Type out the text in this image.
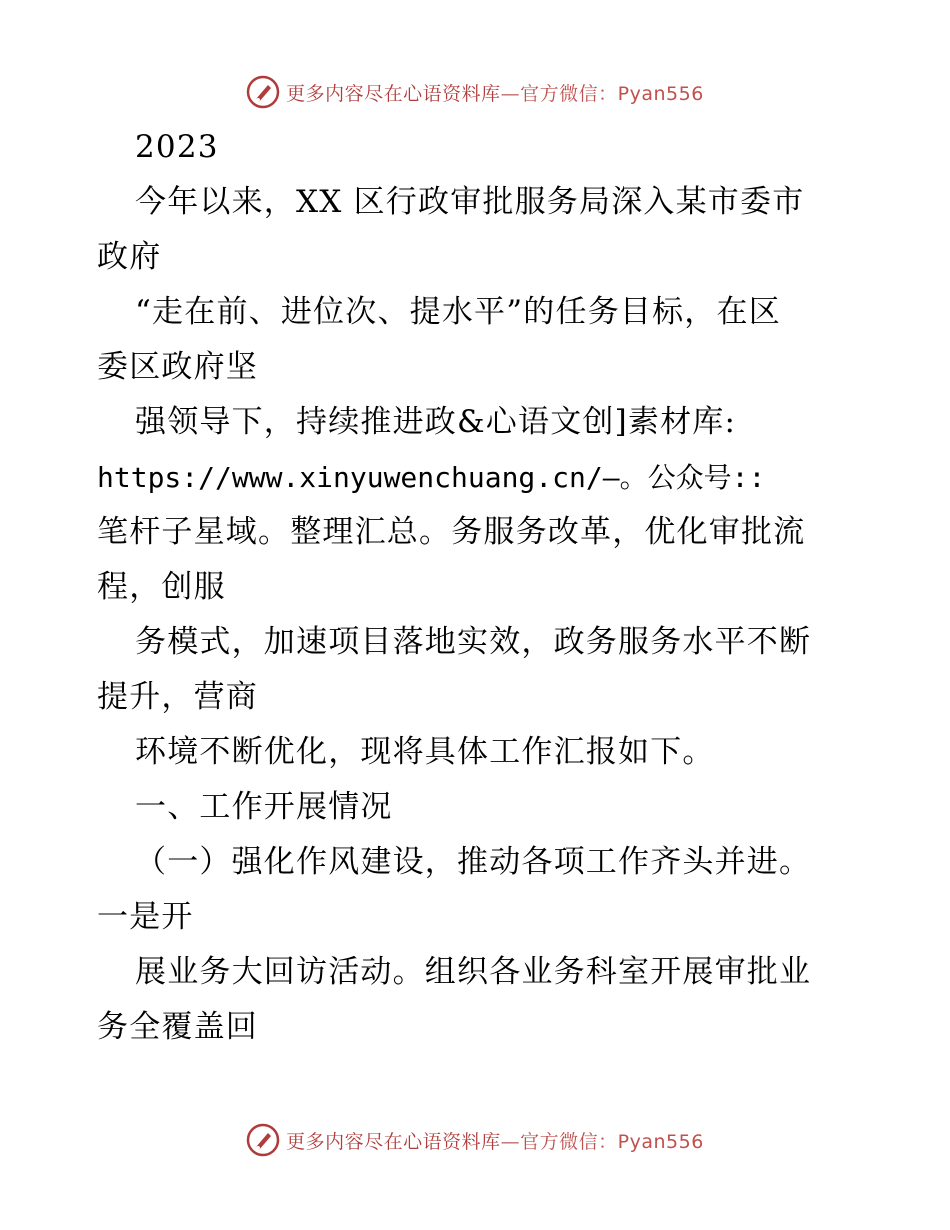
更多内容尽在心语资料库—官方微信：Pyan556
2023
今年以来，XX 区行政审批服务局深入某市委市
政府
“走在前、进位次、提水平”的任务目标，在区
委区政府坚
强领导下，持续推进政&心语文创]素材库:
https://www.xinyuwenchuang.cn/—。公众号::
笔杆子星域。整理汇总。务服务改革，优化审批流
程，创服
务模式，加速项目落地实效，政务服务水平不断
提升，营商
环境不断优化，现将具体工作汇报如下。
一、工作开展情况
（一）强化作风建设，推动各项工作齐头并进。
一是开
展业务大回访活动。组织各业务科室开展审批业
务全覆盖回
更多内容尽在心语资料库—官方微信：Pyan556
